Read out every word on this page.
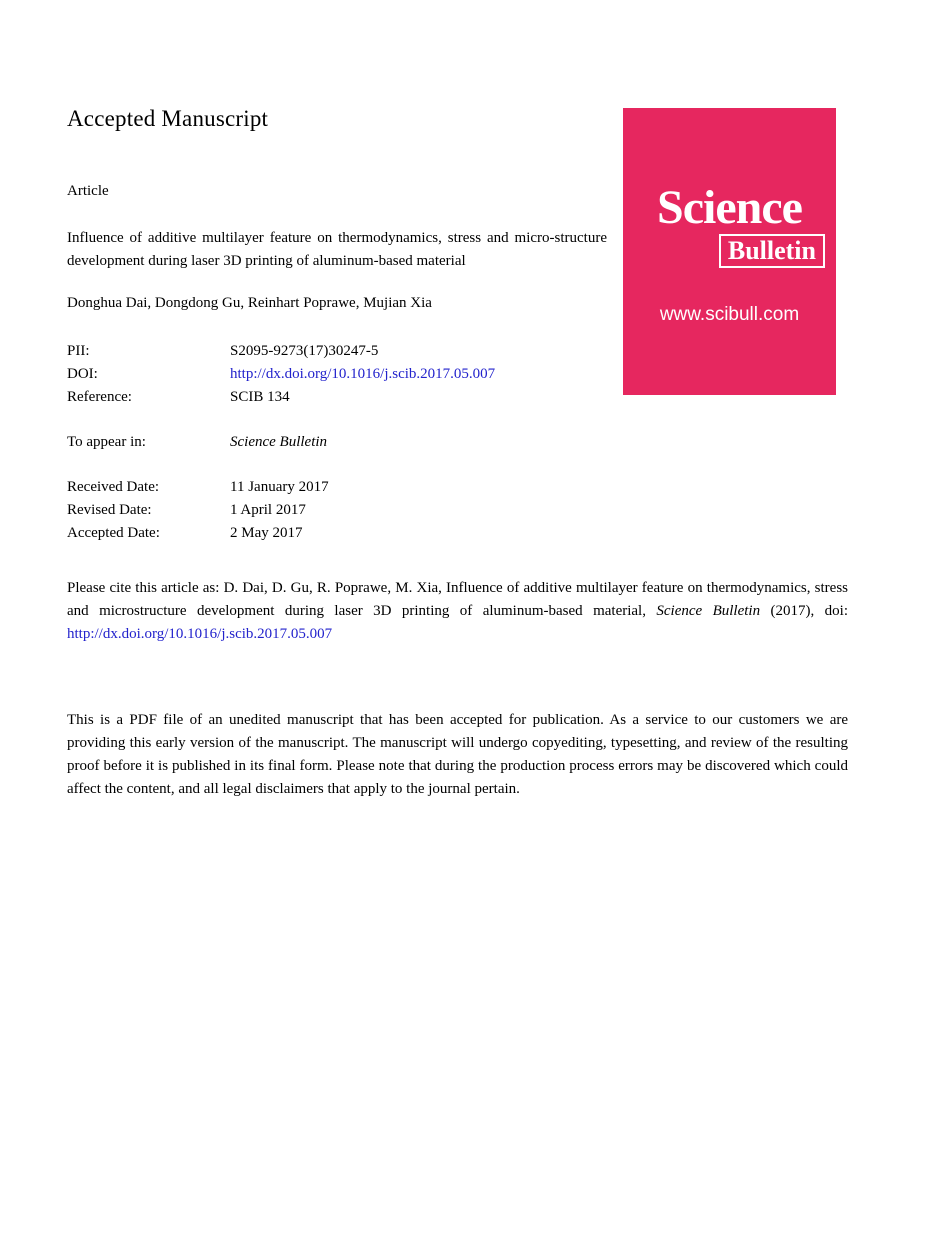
Accepted Manuscript
Science
Bulletin
www.scibull.com
Article
Influence of additive multilayer feature on thermodynamics, stress and micro-structure development during laser 3D printing of aluminum-based material
Donghua Dai, Dongdong Gu, Reinhart Poprawe, Mujian Xia
PII:	S2095-9273(17)30247-5
DOI:	http://dx.doi.org/10.1016/j.scib.2017.05.007
Reference:	SCIB 134
To appear in:	Science Bulletin
Received Date:	11 January 2017
Revised Date:	1 April 2017
Accepted Date:	2 May 2017

Please cite this article as: D. Dai, D. Gu, R. Poprawe, M. Xia, Influence of additive multilayer feature on thermodynamics, stress and microstructure development during laser 3D printing of aluminum-based material, Science Bulletin (2017), doi: http://dx.doi.org/10.1016/j.scib.2017.05.007

This is a PDF file of an unedited manuscript that has been accepted for publication. As a service to our customers we are providing this early version of the manuscript. The manuscript will undergo copyediting, typesetting, and review of the resulting proof before it is published in its final form. Please note that during the production process errors may be discovered which could affect the content, and all legal disclaimers that apply to the journal pertain.
